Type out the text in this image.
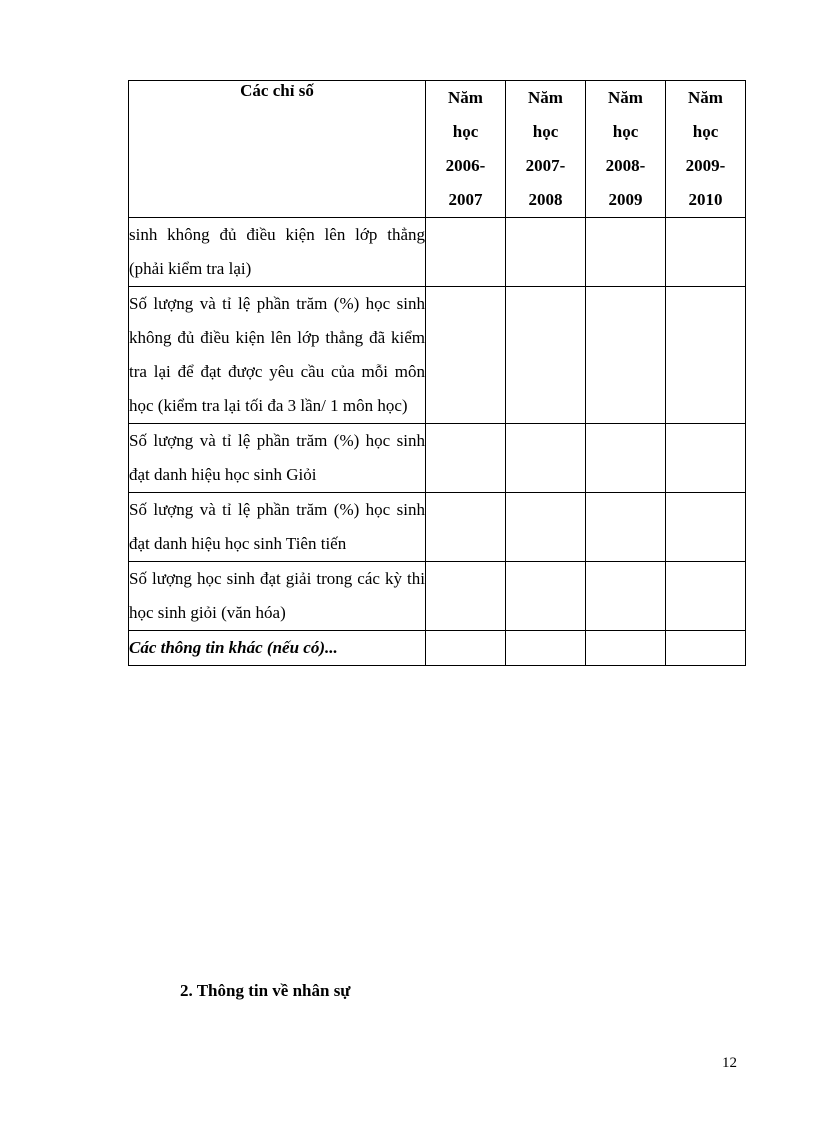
Các chỉ số	Năm
học
2006-
2007	Năm
học
2007-
2008	Năm
học
2008-
2009	Năm
học
2009-
2010

sinh không đủ điều kiện lên lớp thẳng (phải kiểm tra lại)				
Số lượng và tỉ lệ phần trăm (%) học sinh không đủ điều kiện lên lớp thẳng đã kiểm tra lại để đạt được yêu cầu của mỗi môn học (kiểm tra lại tối đa 3 lần/ 1 môn học)				
Số lượng và tỉ lệ phần trăm (%) học sinh đạt danh hiệu học sinh Giỏi				
Số lượng và tỉ lệ phần trăm (%) học sinh đạt danh hiệu học sinh Tiên tiến				
Số lượng học sinh đạt giải trong các kỳ thi học sinh giỏi (văn hóa)				
Các thông tin khác (nếu có)...				
2. Thông tin về nhân sự
12
